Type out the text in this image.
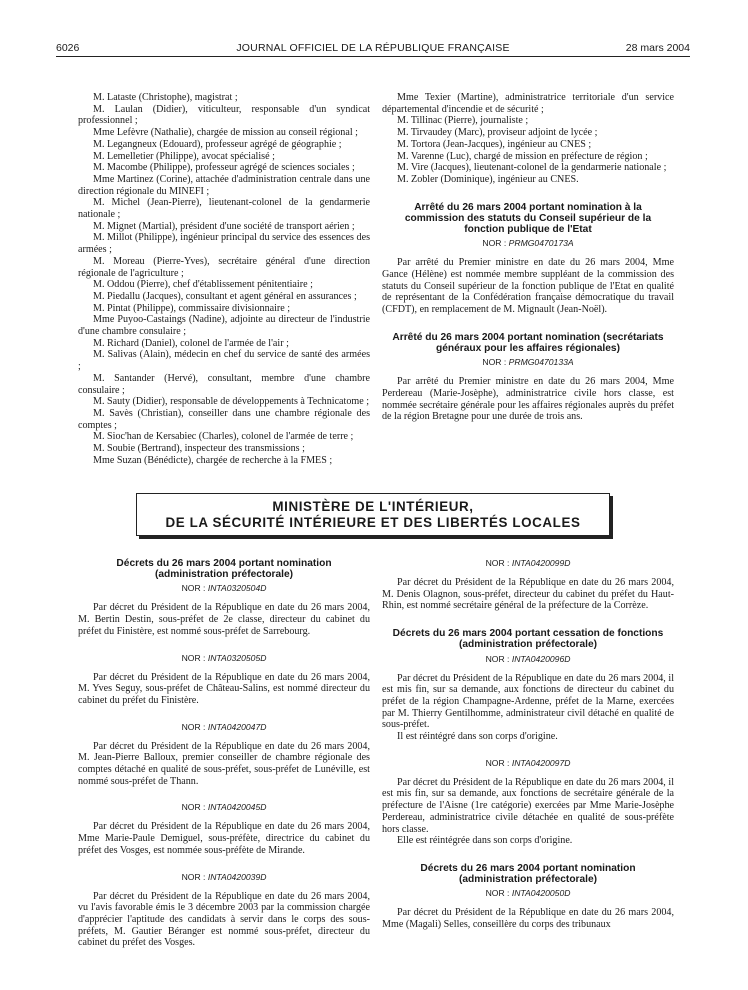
6026	JOURNAL OFFICIEL DE LA RÉPUBLIQUE FRANÇAISE	28 mars 2004

M. Lataste (Christophe), magistrat ;

M. Laulan (Didier), viticulteur, responsable d'un syndicat professionnel ;

Mme Lefèvre (Nathalie), chargée de mission au conseil régional ;

M. Legangneux (Edouard), professeur agrégé de géographie ;

M. Lemelletier (Philippe), avocat spécialisé ;

M. Macombe (Philippe), professeur agrégé de sciences sociales ;

Mme Martinez (Corine), attachée d'administration centrale dans une direction régionale du MINEFI ;

M. Michel (Jean-Pierre), lieutenant-colonel de la gendarmerie nationale ;

M. Mignet (Martial), président d'une société de transport aérien ;

M. Millot (Philippe), ingénieur principal du service des essences des armées ;

M. Moreau (Pierre-Yves), secrétaire général d'une direction régionale de l'agriculture ;

M. Oddou (Pierre), chef d'établissement pénitentiaire ;

M. Piedallu (Jacques), consultant et agent général en assurances ;

M. Pintat (Philippe), commissaire divisionnaire ;

Mme Puyoo-Castaings (Nadine), adjointe au directeur de l'industrie d'une chambre consulaire ;

M. Richard (Daniel), colonel de l'armée de l'air ;

M. Salivas (Alain), médecin en chef du service de santé des armées ;

M. Santander (Hervé), consultant, membre d'une chambre consulaire ;

M. Sauty (Didier), responsable de développements à Technicatome ;

M. Savès (Christian), conseiller dans une chambre régionale des comptes ;

M. Sioc'han de Kersabiec (Charles), colonel de l'armée de terre ;

M. Soubie (Bertrand), inspecteur des transmissions ;

Mme Suzan (Bénédicte), chargée de recherche à la FMES ;

Mme Texier (Martine), administratrice territoriale d'un service départemental d'incendie et de sécurité ;

M. Tillinac (Pierre), journaliste ;

M. Tirvaudey (Marc), proviseur adjoint de lycée ;

M. Tortora (Jean-Jacques), ingénieur au CNES ;

M. Varenne (Luc), chargé de mission en préfecture de région ;

M. Vire (Jacques), lieutenant-colonel de la gendarmerie nationale ;

M. Zobler (Dominique), ingénieur au CNES.

Arrêté du 26 mars 2004 portant nomination à la commission des statuts du Conseil supérieur de la fonction publique de l'Etat

NOR : PRMG0470173A

Par arrêté du Premier ministre en date du 26 mars 2004, Mme Gance (Hélène) est nommée membre suppléant de la commission des statuts du Conseil supérieur de la fonction publique de l'Etat en qualité de représentant de la Confédération française démocratique du travail (CFDT), en remplacement de M. Mignault (Jean-Noël).

Arrêté du 26 mars 2004 portant nomination (secrétariats généraux pour les affaires régionales)

NOR : PRMG0470133A

Par arrêté du Premier ministre en date du 26 mars 2004, Mme Perdereau (Marie-Josèphe), administratrice civile hors classe, est nommée secrétaire générale pour les affaires régionales auprès du préfet de la région Bretagne pour une durée de trois ans.

MINISTÈRE DE L'INTÉRIEUR,
DE LA SÉCURITÉ INTÉRIEURE ET DES LIBERTÉS LOCALES

Décrets du 26 mars 2004 portant nomination (administration préfectorale)

NOR : INTA0320504D

Par décret du Président de la République en date du 26 mars 2004, M. Bertin Destin, sous-préfet de 2e classe, directeur du cabinet du préfet du Finistère, est nommé sous-préfet de Sarrebourg.

NOR : INTA0320505D

Par décret du Président de la République en date du 26 mars 2004, M. Yves Seguy, sous-préfet de Château-Salins, est nommé directeur du cabinet du préfet du Finistère.

NOR : INTA0420047D

Par décret du Président de la République en date du 26 mars 2004, M. Jean-Pierre Balloux, premier conseiller de chambre régionale des comptes détaché en qualité de sous-préfet, sous-préfet de Lunéville, est nommé sous-préfet de Thann.

NOR : INTA0420045D

Par décret du Président de la République en date du 26 mars 2004, Mme Marie-Paule Demiguel, sous-préfète, directrice du cabinet du préfet des Vosges, est nommée sous-préfète de Mirande.

NOR : INTA0420039D

Par décret du Président de la République en date du 26 mars 2004, vu l'avis favorable émis le 3 décembre 2003 par la commission chargée d'apprécier l'aptitude des candidats à servir dans le corps des sous-préfets, M. Gautier Béranger est nommé sous-préfet, directeur du cabinet du préfet des Vosges.

NOR : INTA0420099D

Par décret du Président de la République en date du 26 mars 2004, M. Denis Olagnon, sous-préfet, directeur du cabinet du préfet du Haut-Rhin, est nommé secrétaire général de la préfecture de la Corrèze.

Décrets du 26 mars 2004 portant cessation de fonctions (administration préfectorale)

NOR : INTA0420096D

Par décret du Président de la République en date du 26 mars 2004, il est mis fin, sur sa demande, aux fonctions de directeur du cabinet du préfet de la région Champagne-Ardenne, préfet de la Marne, exercées par M. Thierry Gentilhomme, administrateur civil détaché en qualité de sous-préfet.

Il est réintégré dans son corps d'origine.

NOR : INTA0420097D

Par décret du Président de la République en date du 26 mars 2004, il est mis fin, sur sa demande, aux fonctions de secrétaire générale de la préfecture de l'Aisne (1re catégorie) exercées par Mme Marie-Josèphe Perdereau, administratrice civile détachée en qualité de sous-préfète hors classe.

Elle est réintégrée dans son corps d'origine.

Décrets du 26 mars 2004 portant nomination (administration préfectorale)

NOR : INTA0420050D

Par décret du Président de la République en date du 26 mars 2004, Mme (Magali) Selles, conseillère du corps des tribunaux
